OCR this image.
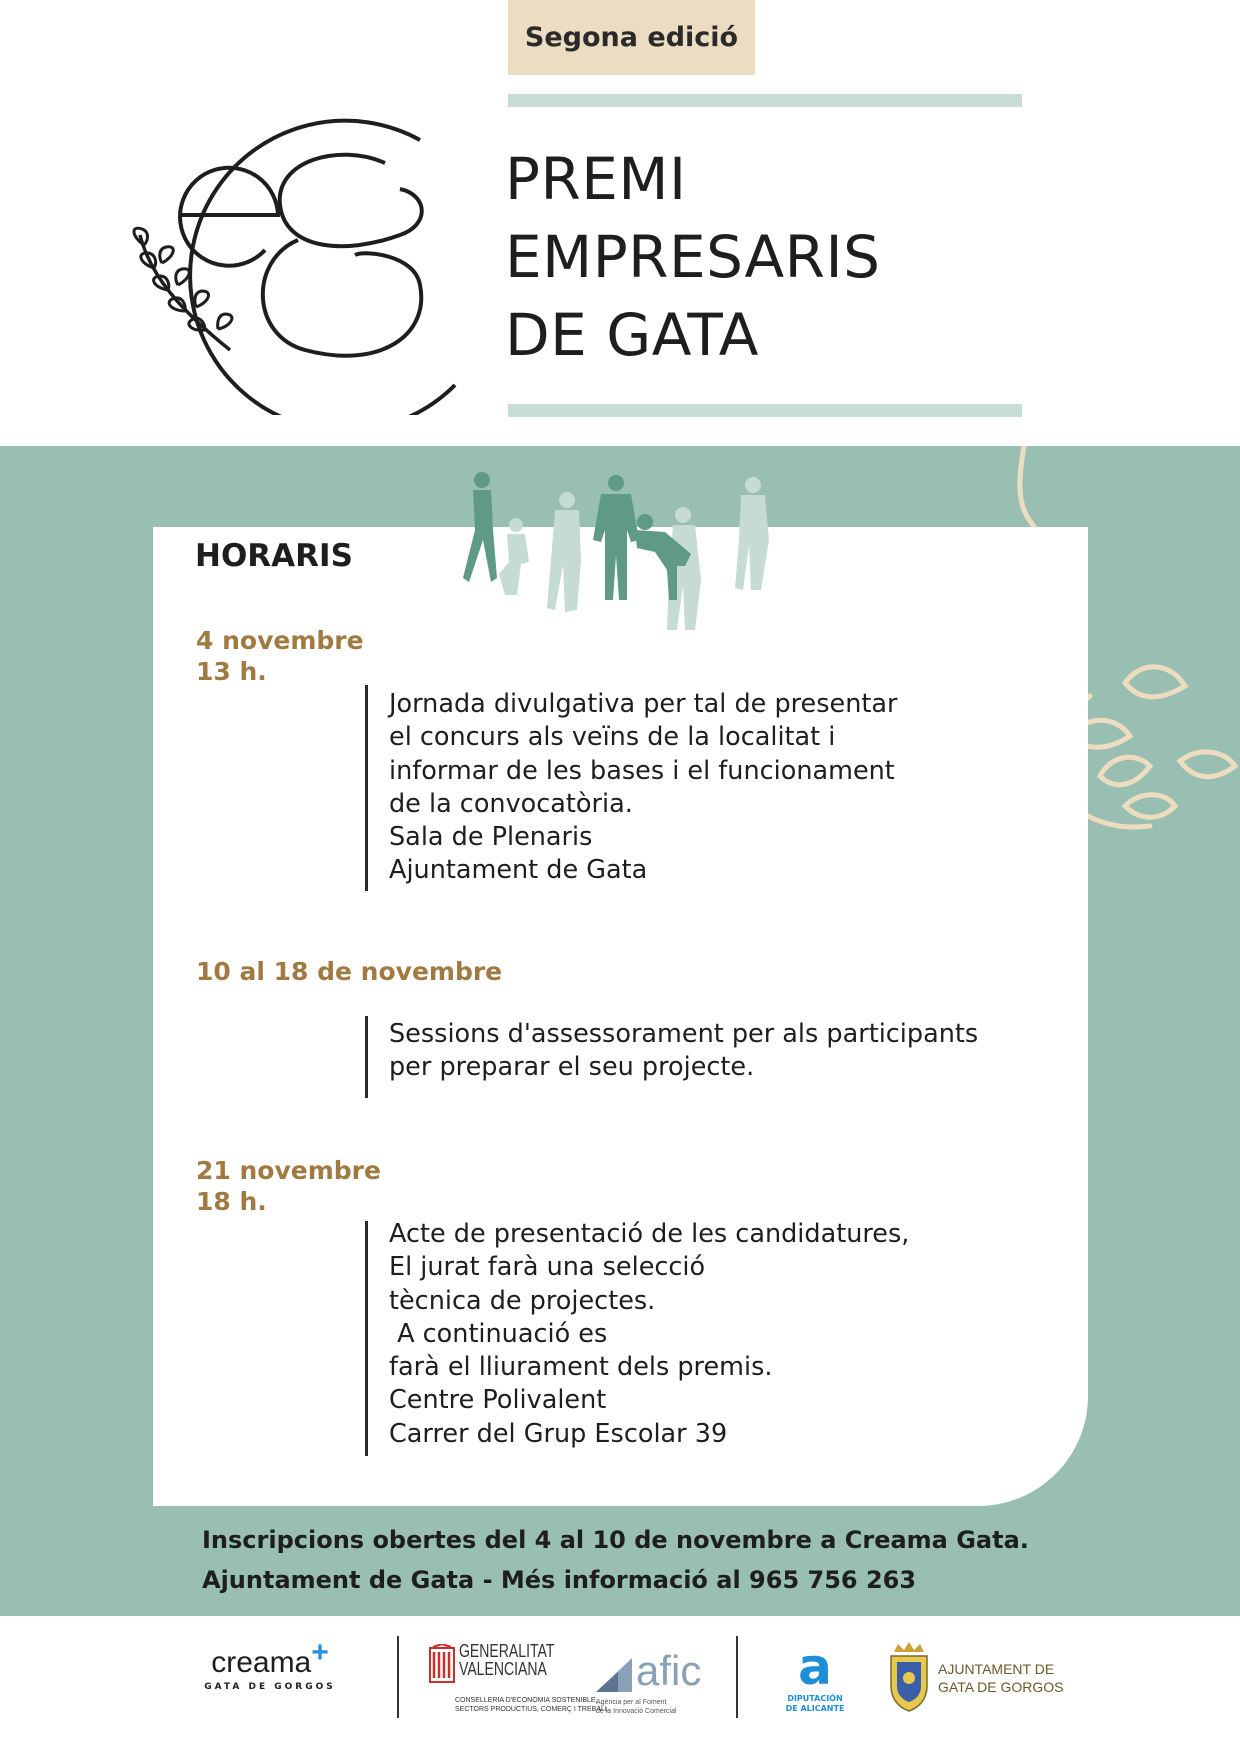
Segona edició
PREMI
EMPRESARIS
DE GATA
HORARIS
4 novembre
13 h.
Jornada divulgativa per tal de presentar
el concurs als veïns de la localitat i
informar de les bases i el funcionament
de la convocatòria.
Sala de Plenaris
Ajuntament de Gata
10 al 18 de novembre
Sessions d'assessorament per als participants
per preparar el seu projecte.
21 novembre
18 h.
Acte de presentació de les candidatures,
El jurat farà una selecció
tècnica de projectes.
A continuació es
farà el lliurament dels premis.
Centre Polivalent
Carrer del Grup Escolar 39
Inscripcions obertes del 4 al 10 de novembre a Creama Gata.
Ajuntament de Gata - Més informació al 965 756 263
creama+
GATA DE GORGOS
GENERALITAT
VALENCIANA
CONSELLERIA D'ECONOMIA SOSTENIBLE,
SECTORS PRODUCTIUS, COMERÇ I TREBALL
afic
Agència per al Foment
de la Innovació Comercial
a
DIPUTACIÓN
DE ALICANTE
AJUNTAMENT DE
GATA DE GORGOS
